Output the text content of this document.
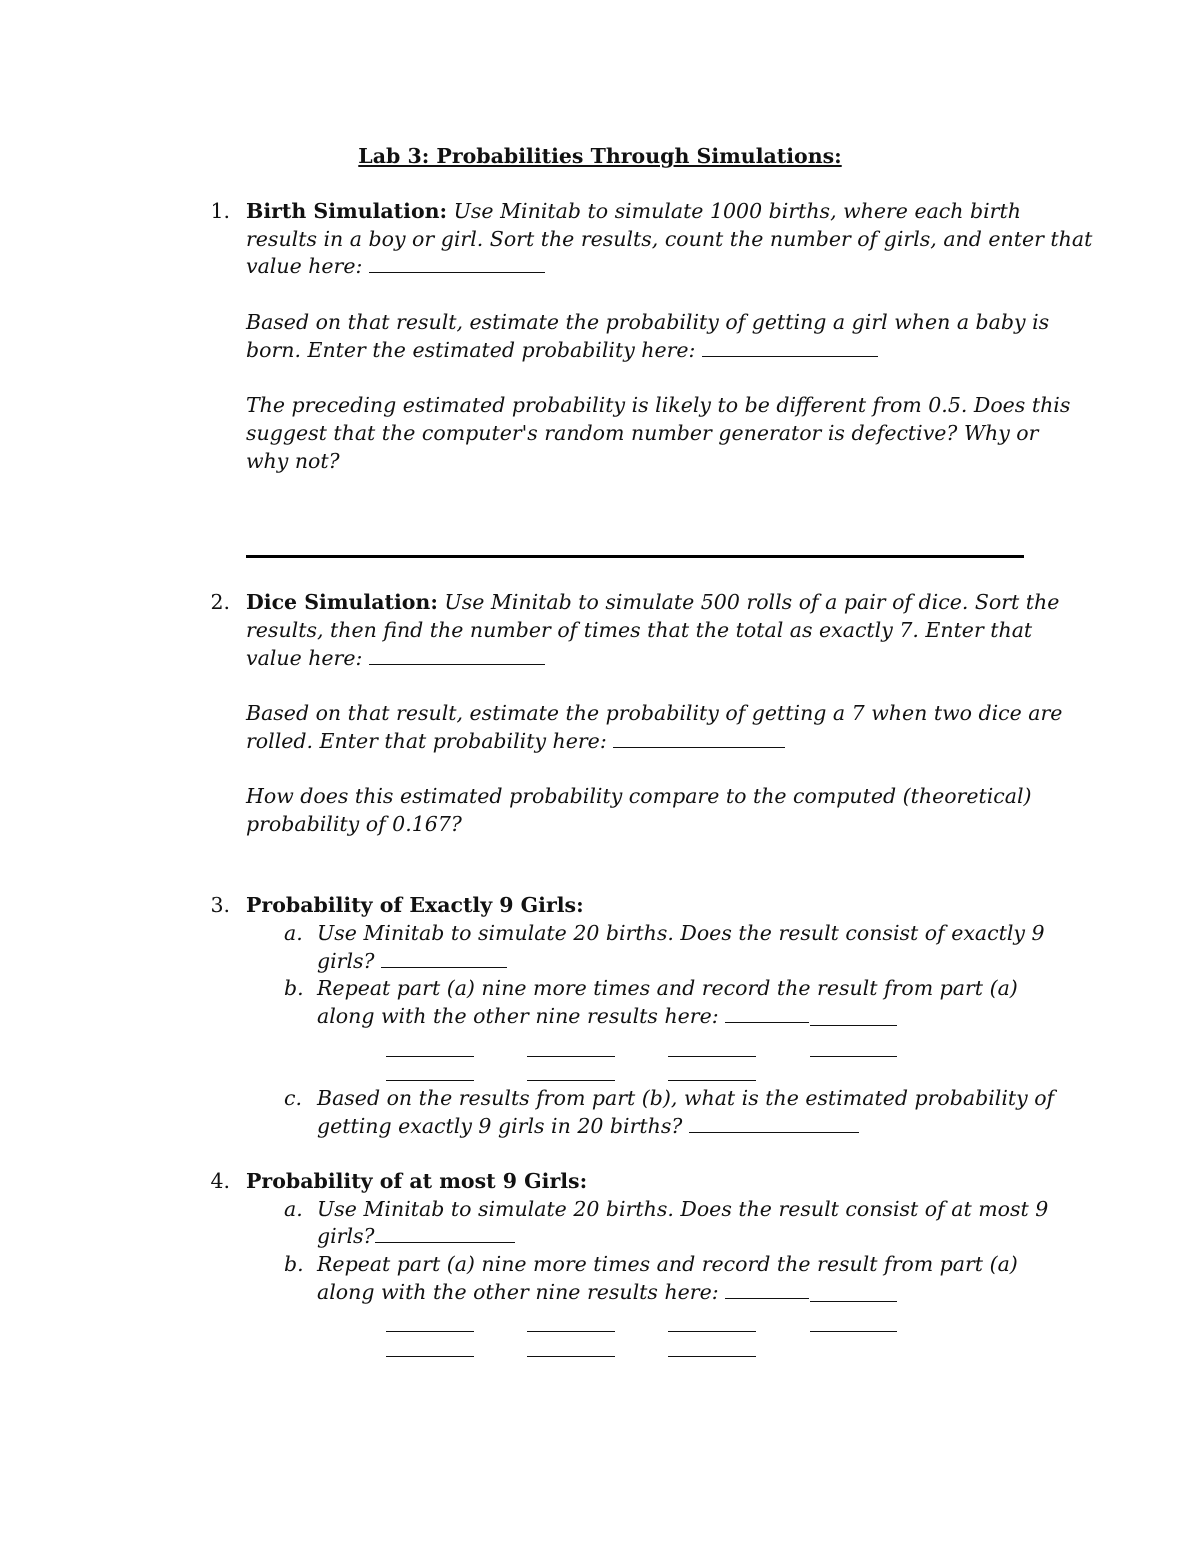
Lab 3: Probabilities Through Simulations:
1. Birth Simulation: Use Minitab to simulate 1000 births, where each birth
results in a boy or girl. Sort the results, count the number of girls, and enter that
value here:
Based on that result, estimate the probability of getting a girl when a baby is
born. Enter the estimated probability here:
The preceding estimated probability is likely to be different from 0.5. Does this
suggest that the computer's random number generator is defective? Why or
why not?
2. Dice Simulation: Use Minitab to simulate 500 rolls of a pair of dice. Sort the
results, then find the number of times that the total as exactly 7. Enter that
value here:
Based on that result, estimate the probability of getting a 7 when two dice are
rolled. Enter that probability here:
How does this estimated probability compare to the computed (theoretical)
probability of 0.167?
3. Probability of Exactly 9 Girls:
a. Use Minitab to simulate 20 births. Does the result consist of exactly 9
girls?
b. Repeat part (a) nine more times and record the result from part (a)
along with the other nine results here:
c. Based on the results from part (b), what is the estimated probability of
getting exactly 9 girls in 20 births?
4. Probability of at most 9 Girls:
a. Use Minitab to simulate 20 births. Does the result consist of at most 9
girls?
b. Repeat part (a) nine more times and record the result from part (a)
along with the other nine results here:
